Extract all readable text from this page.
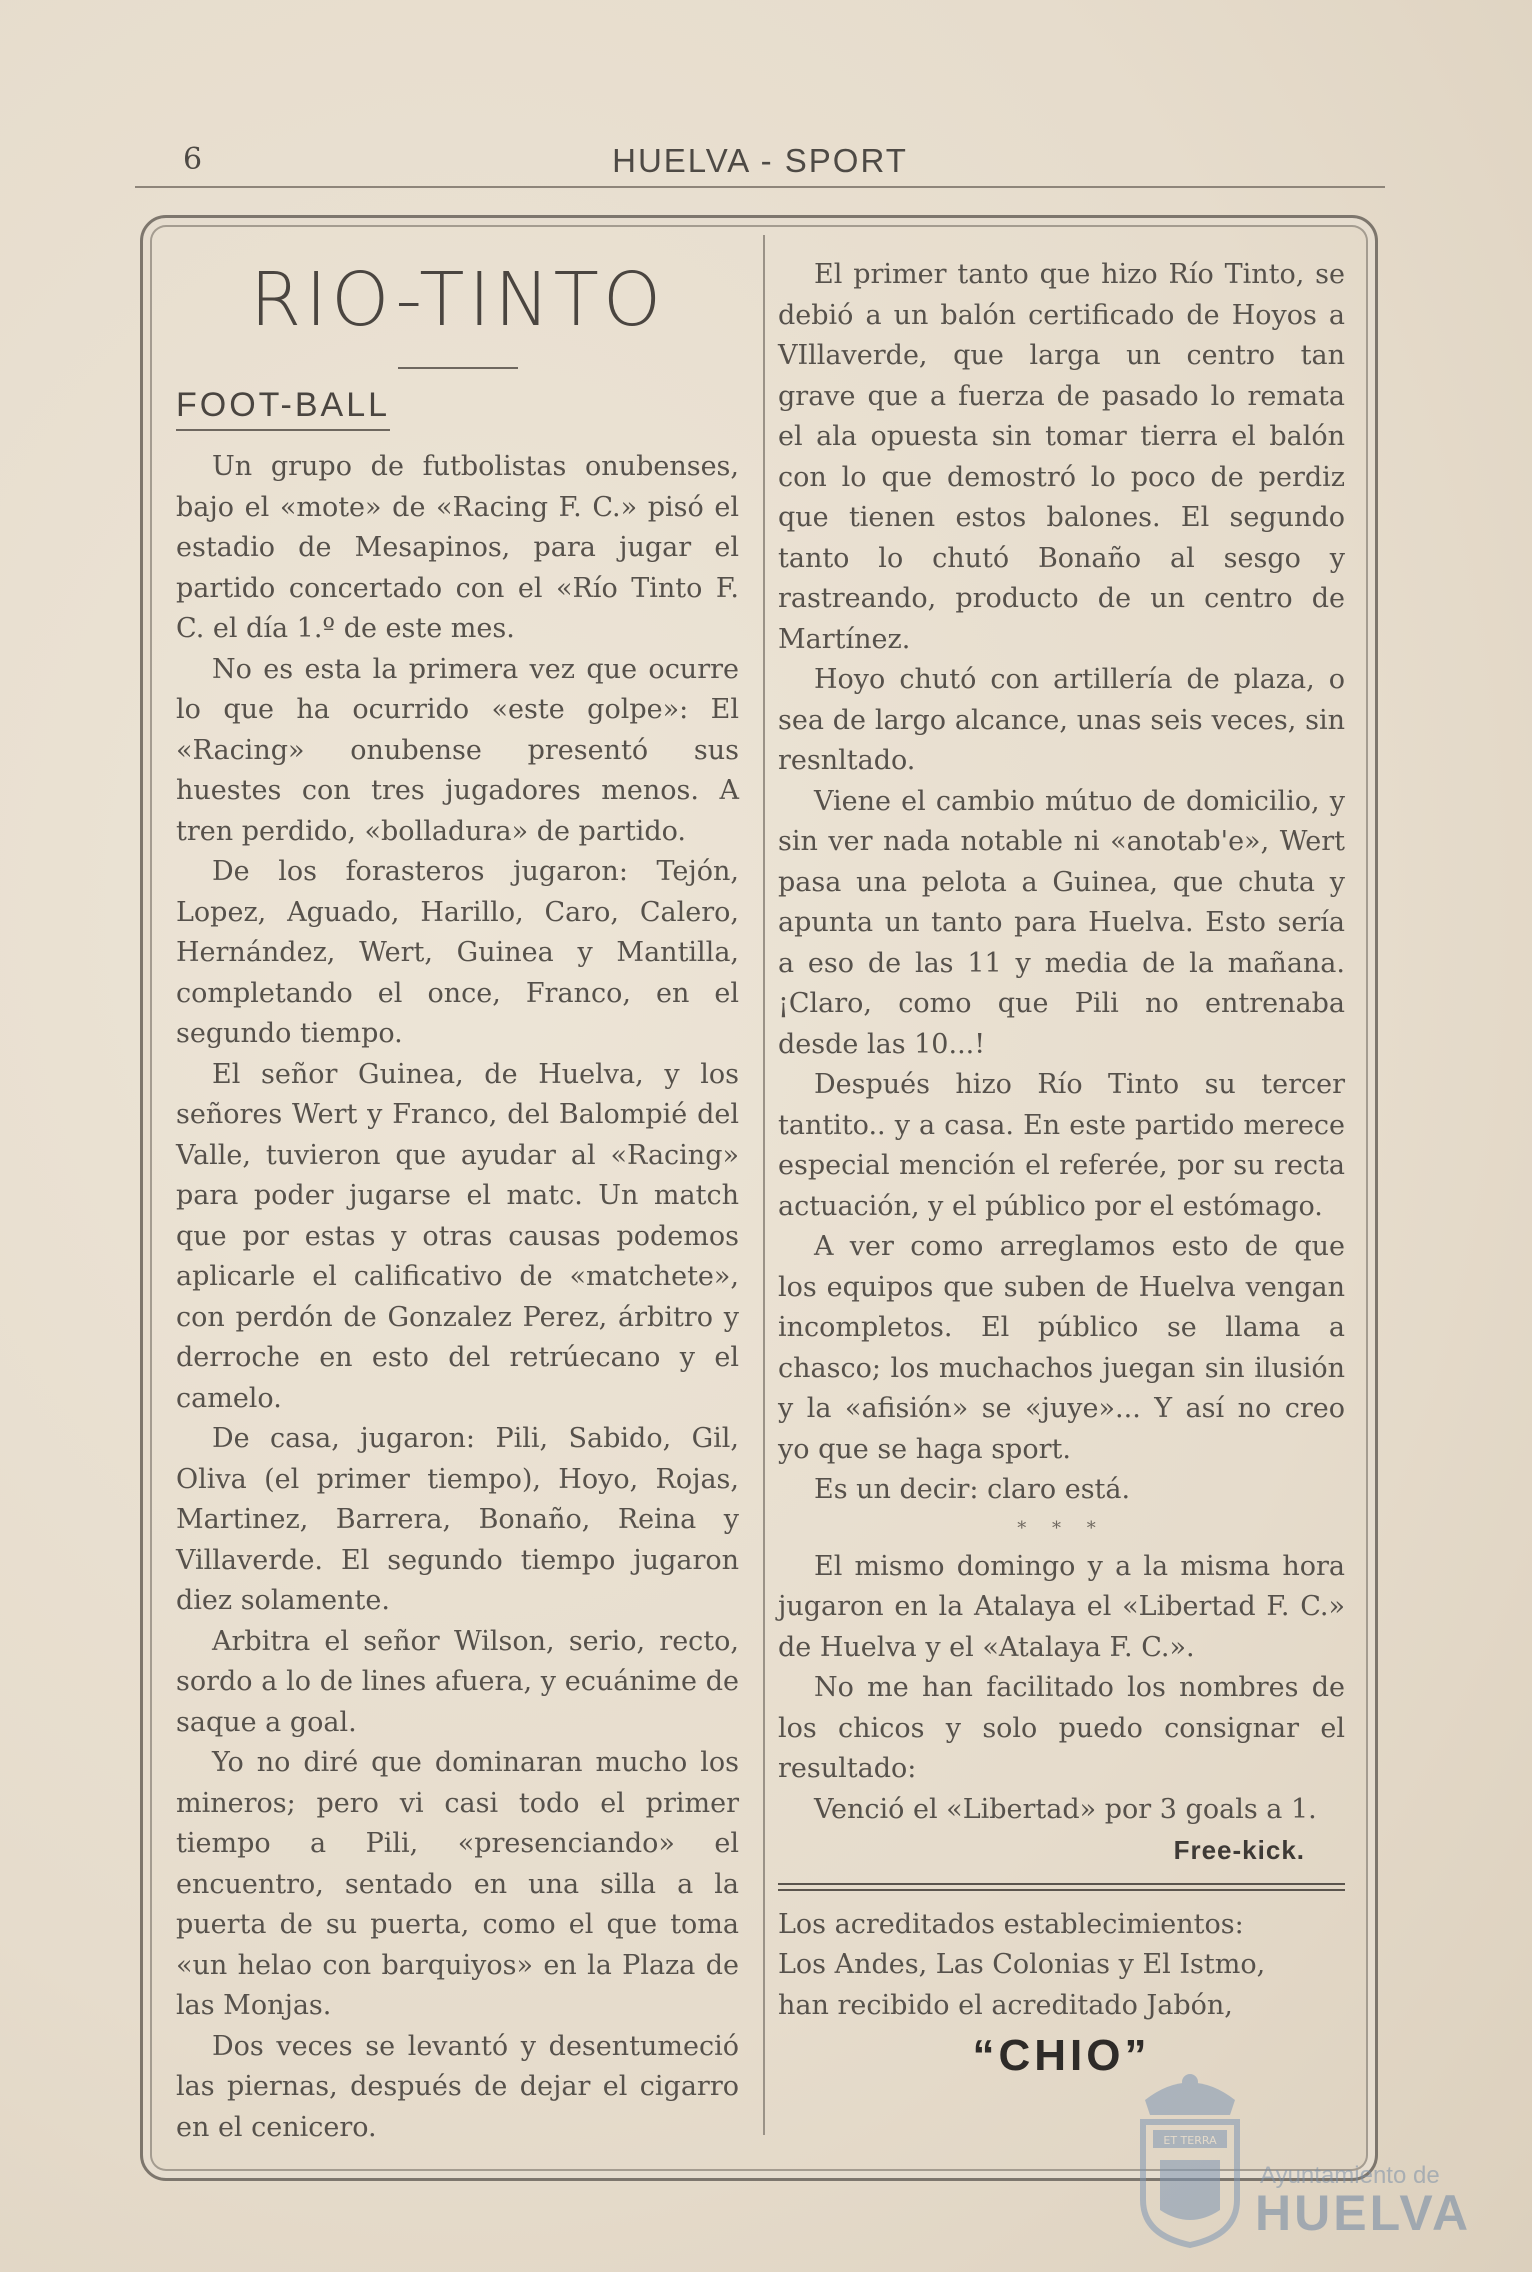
6	HUELVA - SPORT
RIO-TINTO
FOOT-BALL

Un grupo de futbolistas onubenses, bajo el «mote» de «Racing F. C.» pisó el estadio de Mesapinos, para jugar el partido concertado con el «Río Tinto F. C. el día 1.º de este mes.

No es esta la primera vez que ocurre lo que ha ocurrido «este golpe»: El «Racing» onubense presentó sus huestes con tres jugadores menos. A tren perdido, «bolladura» de partido.

De los forasteros jugaron: Tejón, Lopez, Aguado, Harillo, Caro, Calero, Hernández, Wert, Guinea y Mantilla, completando el once, Franco, en el segundo tiempo.

El señor Guinea, de Huelva, y los señores Wert y Franco, del Balompié del Valle, tuvieron que ayudar al «Racing» para poder jugarse el matc. Un match que por estas y otras causas podemos aplicarle el calificativo de «matchete», con perdón de Gonzalez Perez, árbitro y derroche en esto del retrúecano y el camelo.

De casa, jugaron: Pili, Sabido, Gil, Oliva (el primer tiempo), Hoyo, Rojas, Martinez, Barrera, Bonaño, Reina y Villaverde. El segundo tiempo jugaron diez solamente.

Arbitra el señor Wilson, serio, recto, sordo a lo de lines afuera, y ecuánime de saque a goal.

Yo no diré que dominaran mucho los mineros; pero vi casi todo el primer tiempo a Pili, «presenciando» el encuentro, sentado en una silla a la puerta de su puerta, como el que toma «un helao con barquiyos» en la Plaza de las Monjas.

Dos veces se levantó y desentumeció las piernas, después de dejar el cigarro en el cenicero.

El primer tanto que hizo Río Tinto, se debió a un balón certificado de Hoyos a VIllaverde, que larga un centro tan grave que a fuerza de pasado lo remata el ala opuesta sin tomar tierra el balón con lo que demostró lo poco de perdiz que tienen estos balones. El segundo tanto lo chutó Bonaño al sesgo y rastreando, producto de un centro de Martínez.

Hoyo chutó con artillería de plaza, o sea de largo alcance, unas seis veces, sin resnltado.

Viene el cambio mútuo de domicilio, y sin ver nada notable ni «anotab'e», Wert pasa una pelota a Guinea, que chuta y apunta un tanto para Huelva. Esto sería a eso de las 11 y media de la mañana. ¡Claro, como que Pili no entrenaba desde las 10...!

Después hizo Río Tinto su tercer tantito.. y a casa. En este partido merece especial mención el referée, por su recta actuación, y el público por el estómago.

A ver como arreglamos esto de que los equipos que suben de Huelva vengan incompletos. El público se llama a chasco; los muchachos juegan sin ilusión y la «afisión» se «juye»... Y así no creo yo que se haga sport.

Es un decir: claro está.

* * *

El mismo domingo y a la misma hora jugaron en la Atalaya el «Libertad F. C.» de Huelva y el «Atalaya F. C.».

No me han facilitado los nombres de los chicos y solo puedo consignar el resultado:

Venció el «Libertad» por 3 goals a 1.

Free-kick.

Los acreditados establecimientos:

Los Andes, Las Colonias y El Istmo,

han recibido el acreditado Jabón,

“CHIO”
ET TERRA
Ayuntamiento de
HUELVA
